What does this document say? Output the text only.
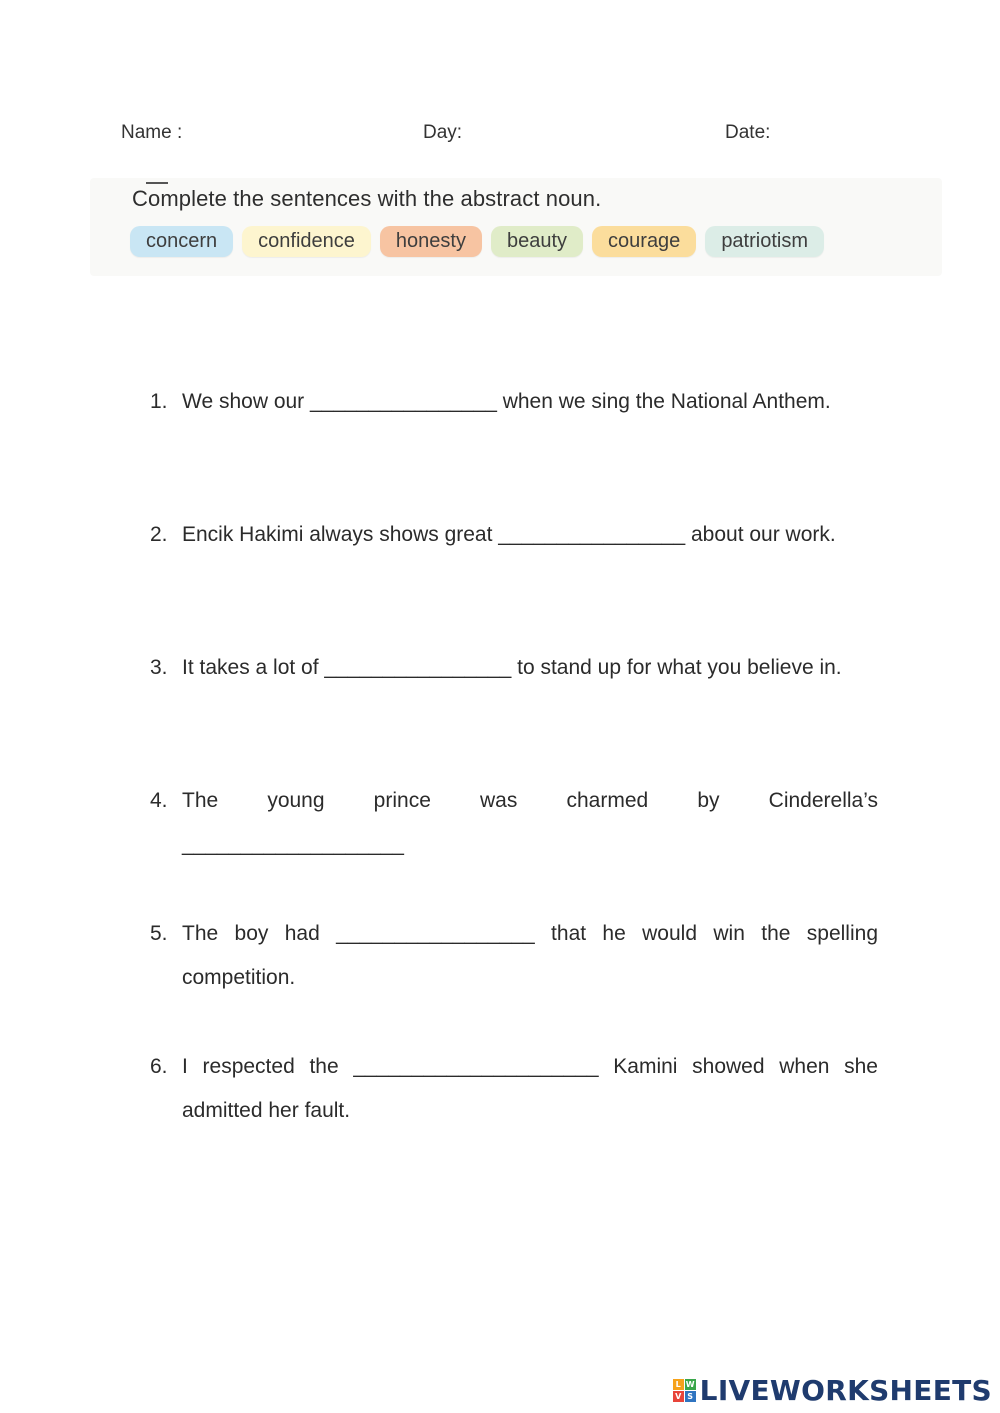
Name :	Day:	Date:
Complete the sentences with the abstract noun.
concern	confidence	honesty	beauty	courage	patriotism
1. We show our ________________ when we sing the National Anthem.
2. Encik Hakimi always shows great ________________ about our work.
3. It takes a lot of ________________ to stand up for what you believe in.
4. The young prince was charmed by Cinderella’s
___________________
5. The boy had _________________ that he would win the spelling competition.
6. I respected the _____________________ Kamini showed when she admitted her fault.
L W
V S LIVEWORKSHEETS
